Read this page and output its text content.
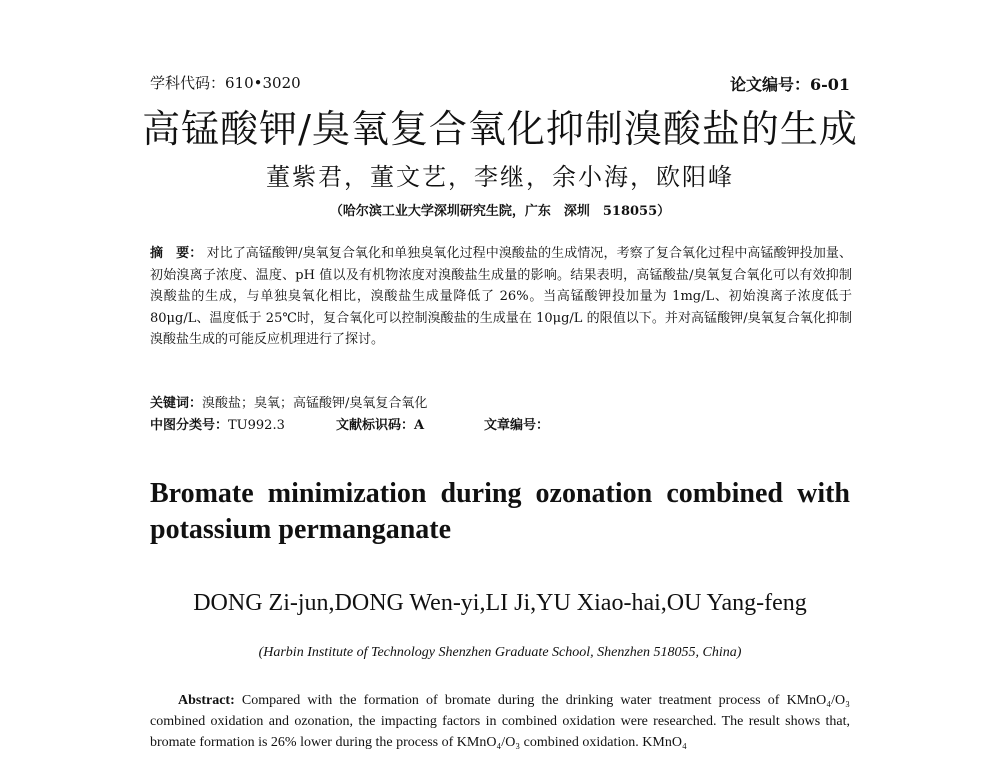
学科代码：610•3020	论文编号：6-01
高锰酸钾/臭氧复合氧化抑制溴酸盐的生成
董紫君，董文艺，李继，余小海，欧阳峰
（哈尔滨工业大学深圳研究生院，广东　深圳　518055）
摘　要： 对比了高锰酸钾/臭氧复合氧化和单独臭氧化过程中溴酸盐的生成情况，考察了复合氧化过程中高锰酸钾投加量、初始溴离子浓度、温度、pH 值以及有机物浓度对溴酸盐生成量的影响。结果表明，高锰酸盐/臭氧复合氧化可以有效抑制溴酸盐的生成，与单独臭氧化相比，溴酸盐生成量降低了 26%。当高锰酸钾投加量为 1mg/L、初始溴离子浓度低于 80μg/L、温度低于 25℃时，复合氧化可以控制溴酸盐的生成量在 10μg/L 的限值以下。并对高锰酸钾/臭氧复合氧化抑制溴酸盐生成的可能反应机理进行了探讨。
关键词：溴酸盐；臭氧；高锰酸钾/臭氧复合氧化
中图分类号：TU992.3	文献标识码：A	文章编号：
Bromate minimization during ozonation combined with potassium permanganate
DONG Zi-jun,DONG Wen-yi,LI Ji,YU Xiao-hai,OU Yang-feng
(Harbin Institute of Technology Shenzhen Graduate School, Shenzhen 518055, China)
Abstract: Compared with the formation of bromate during the drinking water treatment process of KMnO₄/O₃ combined oxidation and ozonation, the impacting factors in combined oxidation were researched. The result shows that, bromate formation is 26% lower during the process of KMnO₄/O₃ combined oxidation. KMnO₄
